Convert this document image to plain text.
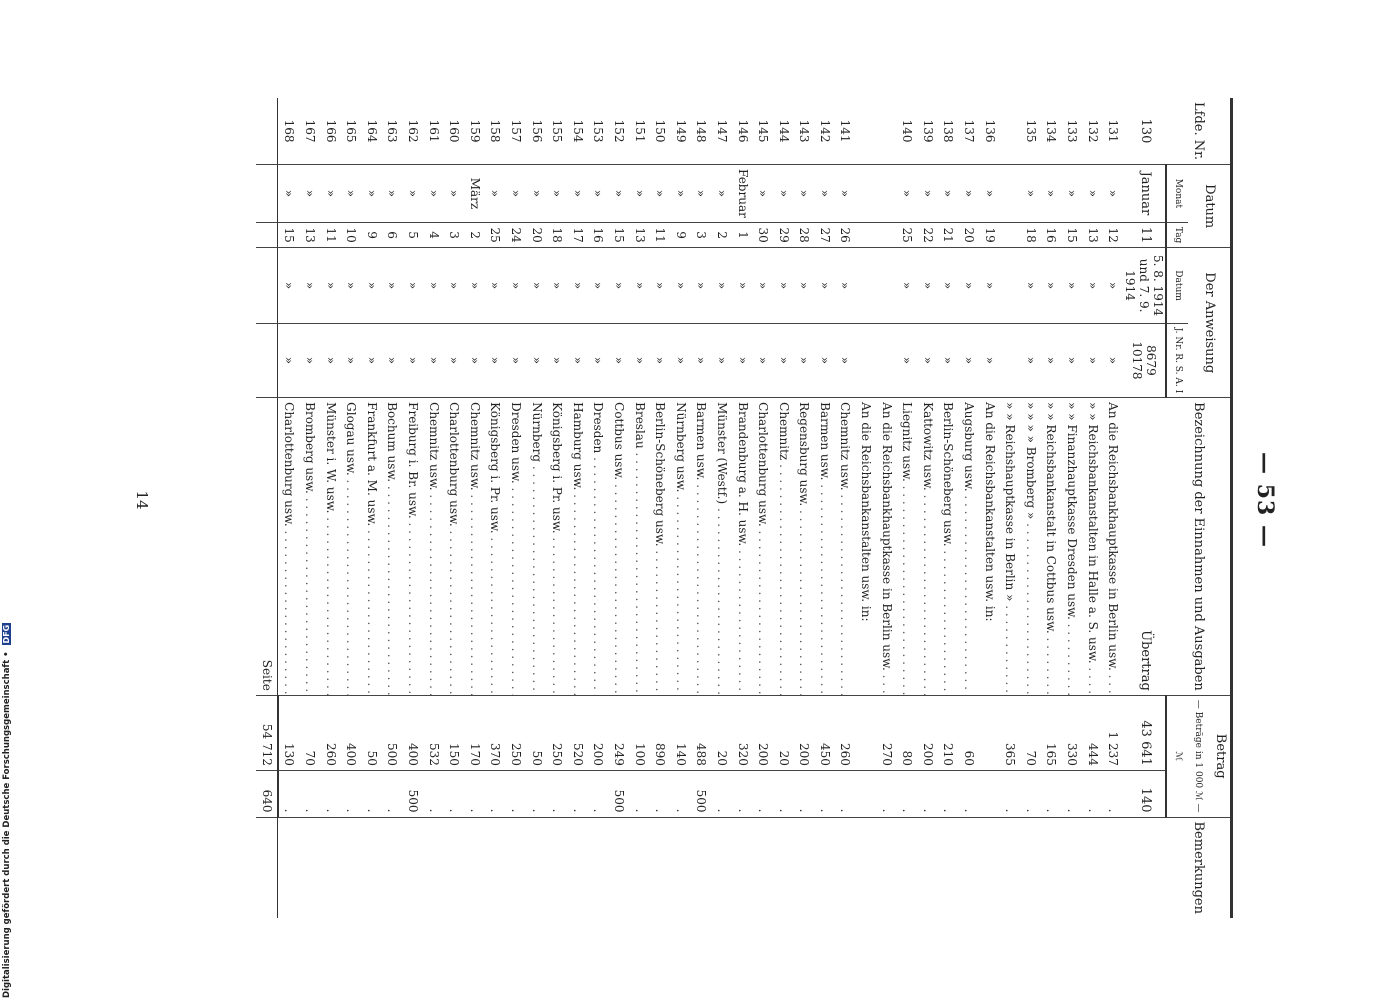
— 53 —
Lfde. Nr.	Datum		Der Anweisung		Bezeichnung der Einnahmen und Ausgaben	Betrag
— Beträge in 1 000 ℳ —		Bemerkungen
	Monat	Tag	Datum	J. Nr. R. S. A. I		ℳ		
130	Januar	11	5. 8. 1914 und 7. 9. 1914	8679 10178	Übertrag	43 641	140	
131	»	12	»	»	An die Reichsbankhauptkasse in Berlin usw. . . .	1 237	.	
132	»	13	»	»	» » Reichsbankanstalten in Halle a. S. usw. . . .	444	.	
133	»	15	»	»	» » Finanzhauptkasse Dresden usw. . . .	330	.	
134	»	16	»	»	» » Reichsbankanstalt in Cottbus usw. . . .	165	.	
135	»	18	»	»	» » » » Bromberg » . . .	70	.	
					» » Reichshauptkasse in Berlin » . . .	365	.	
136	»	19	»	»	An die Reichsbankanstalten usw. in:			
137	»	20	»	»	Augsburg usw. . . .	60	.	
138	»	21	»	»	Berlin-Schöneberg usw. . . .	210	.	
139	»	22	»	»	Kattowitz usw. . . .	200	.	
140	»	25	»	»	Liegnitz usw. . . .	80	.	
					An die Reichsbankhauptkasse in Berlin usw. . . .	270	.	
					An die Reichsbankanstalten usw. in:			
141	»	26	»	»	Chemnitz usw. . . .	260	.	
142	»	27	»	»	Barmen usw. . . .	450	.	
143	»	28	»	»	Regensburg usw. . . .	200	.	
144	»	29	»	»	Chemnitz . . .	20	.	
145	»	30	»	»	Charlottenburg usw. . . .	200	.	
146	Februar	1	»	»	Brandenburg a. H. usw. . . .	320	.	
147	»	2	»	»	Münster (Westf.) . . .	20	.	
148	»	3	»	»	Barmen usw. . . .	488	500	
149	»	9	»	»	Nürnberg usw. . . .	140	.	
150	»	11	»	»	Berlin-Schöneberg usw. . . .	890	.	
151	»	13	»	»	Breslau . . .	100	.	
152	»	15	»	»	Cottbus usw. . . .	249	500	
153	»	16	»	»	Dresden . . .	200	.	
154	»	17	»	»	Hamburg usw. . . .	520	.	
155	»	18	»	»	Königsberg i. Pr. usw. . . .	250	.	
156	»	20	»	»	Nürnberg . . .	50	.	
157	»	24	»	»	Dresden usw. . . .	250	.	
158	»	25	»	»	Königsberg i. Pr. usw. . . .	370	.	
159	März	2	»	»	Chemnitz usw. . . .	170	.	
160	»	3	»	»	Charlottenburg usw. . . .	150	.	
161	»	4	»	»	Chemnitz usw. . . .	532	.	
162	»	5	»	»	Freiburg i. Br. usw. . . .	400	500	
163	»	6	»	»	Bochum usw. . . .	500	.	
164	»	9	»	»	Frankfurt a. M. usw. . . .	50	.	
165	»	10	»	»	Glogau usw. . . .	400	.	
166	»	11	»	»	Münster i. W. usw. . . .	260	.	
167	»	13	»	»	Bromberg usw. . . .	70	.	
168	»	15	»	»	Charlottenburg usw. . . .	130	.	
					Seite	54 712	640	
14
Digitalisierung gefördert durch die Deutsche Forschungsgemeinschaft • DFG
